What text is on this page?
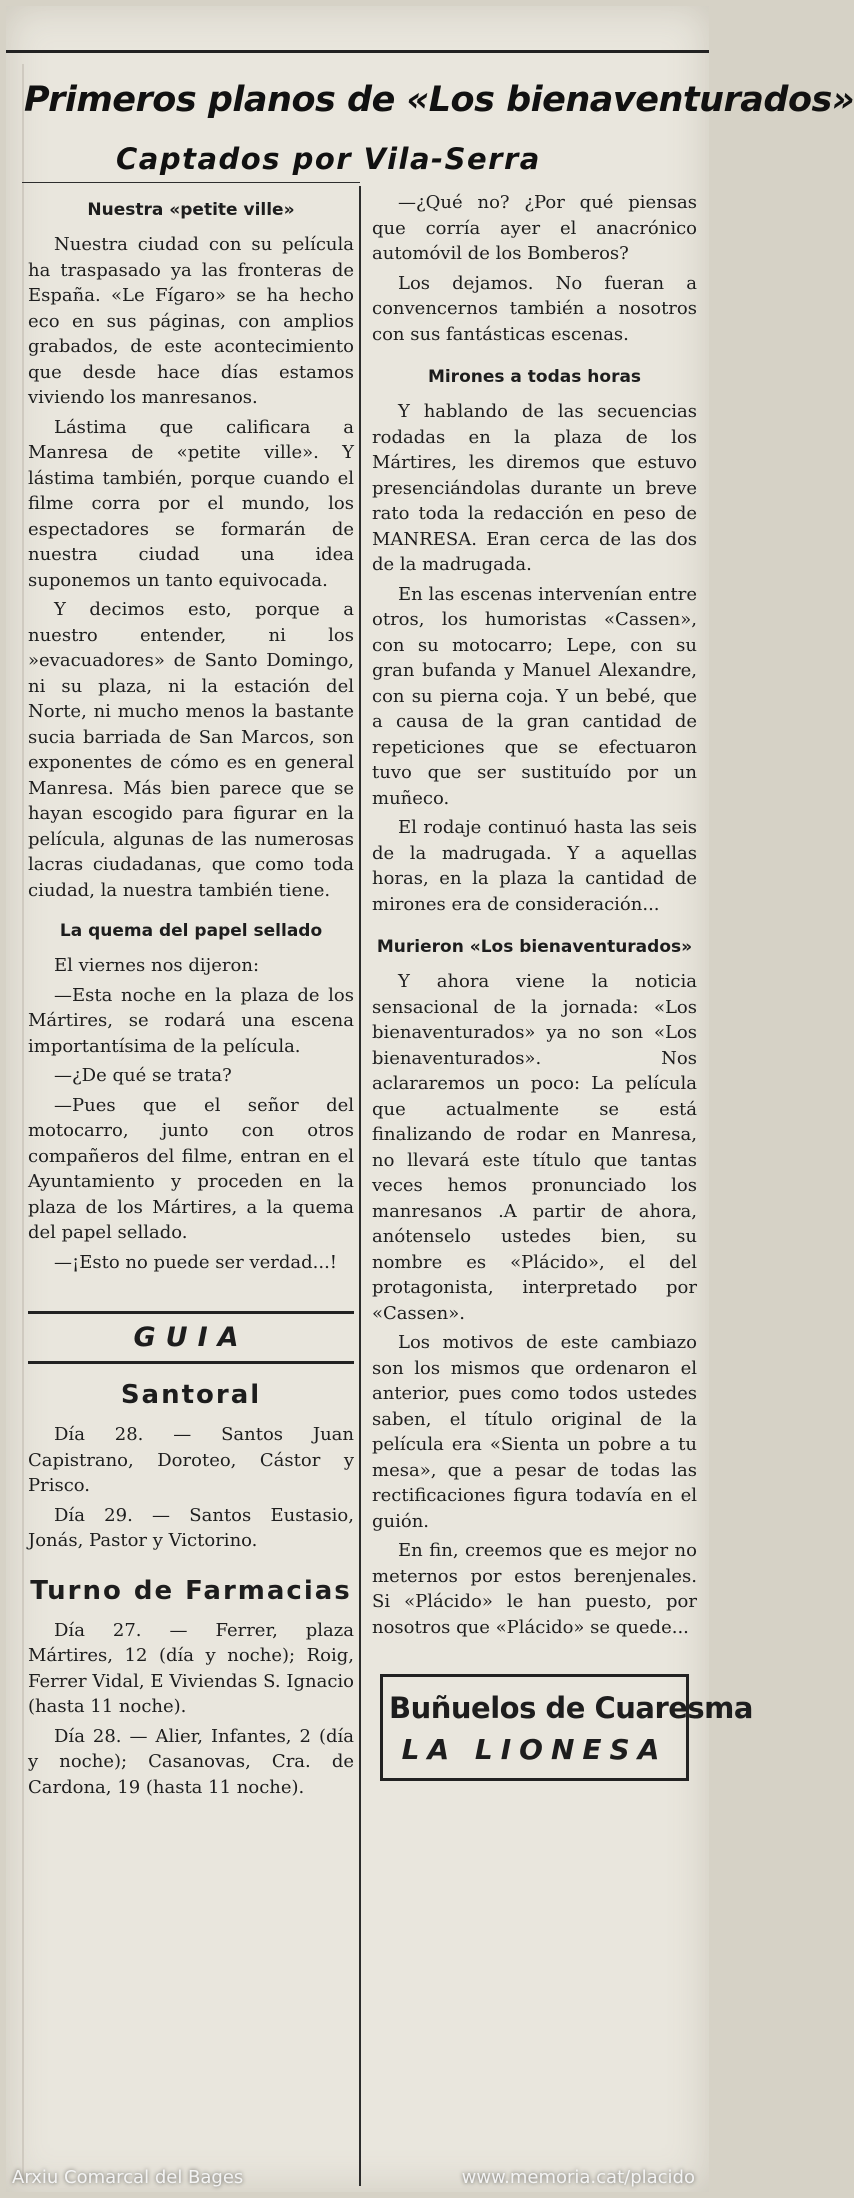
Primeros planos de «Los bienaventurados»
Captados por Vila-Serra
Nuestra «petite ville»

Nuestra ciudad con su película ha traspasado ya las fronteras de España. «Le Fígaro» se ha hecho eco en sus páginas, con amplios grabados, de este acontecimiento que desde hace días estamos viviendo los manresanos.

Lástima que calificara a Manresa de «petite ville». Y lástima también, porque cuando el filme corra por el mundo, los espectadores se formarán de nuestra ciudad una idea suponemos un tanto equivocada.

Y decimos esto, porque a nuestro entender, ni los »evacuadores» de Santo Domingo, ni su plaza, ni la estación del Norte, ni mucho menos la bastante sucia barriada de San Marcos, son exponentes de cómo es en general Manresa. Más bien parece que se hayan escogido para figurar en la película, algunas de las numerosas lacras ciudadanas, que como toda ciudad, la nuestra también tiene.

La quema del papel sellado

El viernes nos dijeron:

—Esta noche en la plaza de los Mártires, se rodará una escena importantísima de la película.

—¿De qué se trata?

—Pues que el señor del motocarro, junto con otros compañeros del filme, entran en el Ayuntamiento y proceden en la plaza de los Mártires, a la quema del papel sellado.

—¡Esto no puede ser verdad...!

GUIA
Santoral

Día 28. — Santos Juan Capistrano, Doroteo, Cástor y Prisco.

Día 29. — Santos Eustasio, Jonás, Pastor y Victorino.

Turno de Farmacias

Día 27. — Ferrer, plaza Mártires, 12 (día y noche); Roig, Ferrer Vidal, E Viviendas S. Ignacio (hasta 11 noche).

Día 28. — Alier, Infantes, 2 (día y noche); Casanovas, Cra. de Cardona, 19 (hasta 11 noche).

—¿Qué no? ¿Por qué piensas que corría ayer el anacrónico automóvil de los Bomberos?

Los dejamos. No fueran a convencernos también a nosotros con sus fantásticas escenas.

Mirones a todas horas

Y hablando de las secuencias rodadas en la plaza de los Mártires, les diremos que estuvo presenciándolas durante un breve rato toda la redacción en peso de MANRESA. Eran cerca de las dos de la madrugada.

En las escenas intervenían entre otros, los humoristas «Cassen», con su motocarro; Lepe, con su gran bufanda y Manuel Alexandre, con su pierna coja. Y un bebé, que a causa de la gran cantidad de repeticiones que se efectuaron tuvo que ser sustituído por un muñeco.

El rodaje continuó hasta las seis de la madrugada. Y a aquellas horas, en la plaza la cantidad de mirones era de consideración...

Murieron «Los bienaventurados»

Y ahora viene la noticia sensacional de la jornada: «Los bienaventurados» ya no son «Los bienaventurados». Nos aclararemos un poco: La película que actualmente se está finalizando de rodar en Manresa, no llevará este título que tantas veces hemos pronunciado los manresanos .A partir de ahora, anótenselo ustedes bien, su nombre es «Plácido», el del protagonista, interpretado por «Cassen».

Los motivos de este cambiazo son los mismos que ordenaron el anterior, pues como todos ustedes saben, el título original de la película era «Sienta un pobre a tu mesa», que a pesar de todas las rectificaciones figura todavía en el guión.

En fin, creemos que es mejor no meternos por estos berenjenales. Si «Plácido» le han puesto, por nosotros que «Plácido» se quede...

Buñuelos de Cuaresma
LA LIONESA
Arxiu Comarcal del Bages	www.memoria.cat/placido
